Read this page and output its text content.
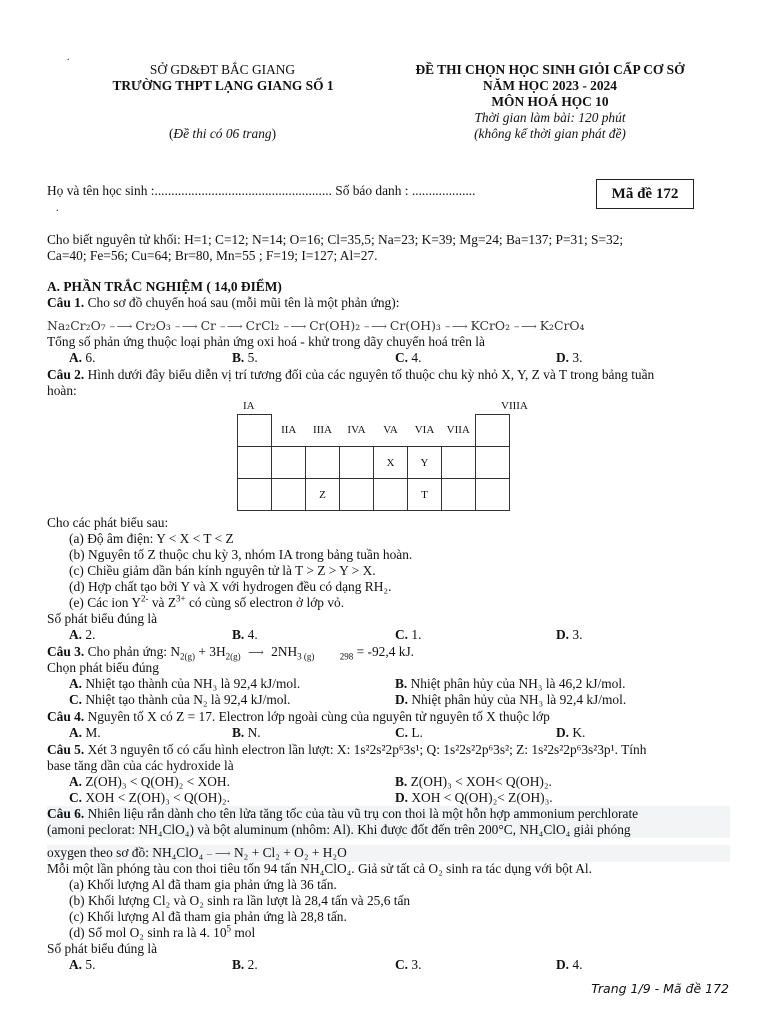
.
SỞ GD&ĐT BẮC GIANG
TRƯỜNG THPT LẠNG GIANG SỐ 1
(Đề thi có 06 trang)
ĐỀ THI CHỌN HỌC SINH GIỎI CẤP CƠ SỞ
NĂM HỌC 2023 - 2024
MÔN HOÁ HỌC 10
Thời gian làm bài: 120 phút
(không kể thời gian phát đề)
Họ và tên học sinh :..................................................... Số báo danh : ...................
.
Mã đề 172
Cho biết nguyên tử khối: H=1; C=12; N=14; O=16; Cl=35,5; Na=23; K=39; Mg=24; Ba=137; P=31; S=32;
Ca=40; Fe=56; Cu=64; Br=80, Mn=55 ; F=19; I=127; Al=27.
A. PHẦN TRẮC NGHIỆM ( 14,0 ĐIỂM)
Câu 1. Cho sơ đồ chuyển hoá sau (mỗi mũi tên là một phản ứng):
Na₂Cr₂O₇ – ⟶ Cr₂O₃ – ⟶ Cr – ⟶ CrCl₂ – ⟶ Cr(OH)₂ – ⟶ Cr(OH)₃ – ⟶ KCrO₂ – ⟶ K₂CrO₄
Tổng số phản ứng thuộc loại phản ứng oxi hoá - khử trong dãy chuyển hoá trên là
A. 6.	B. 5.	C. 4.	D. 3.
Câu 2. Hình dưới đây biểu diễn vị trí tương đối của các nguyên tố thuộc chu kỳ nhỏ X, Y, Z và T trong bảng tuần
hoàn:
IA	VIIIA
	IIA	IIIA	IVA	VA	VIA	VIIA	
				X	Y		
		Z			T		
Cho các phát biểu sau:
(a) Độ âm điện: Y < X < T < Z
(b) Nguyên tố Z thuộc chu kỳ 3, nhóm IA trong bảng tuần hoàn.
(c) Chiều giảm dần bán kính nguyên tử là T > Z > Y > X.
(d) Hợp chất tạo bởi Y và X với hydrogen đều có dạng RH₂.
(e) Các ion $Y^{2-}$ và $Z^{3+}$ có cùng số electron ở lớp vỏ.
Số phát biểu đúng là
A. 2.	B. 4.	C. 1.	D. 3.
Câu 3. Cho phản ứng: $N_{2(g)} + 3H_{2(g)}$ ⟶ $2NH_{3 (g)}$	$_{298}$ = -92,4 kJ.
Chọn phát biểu đúng
A. Nhiệt tạo thành của NH₃ là 92,4 kJ/mol.	B. Nhiệt phân hủy của NH₃ là 46,2 kJ/mol.
C. Nhiệt tạo thành của N₂ là 92,4 kJ/mol.	D. Nhiệt phân hủy của NH₃ là 92,4 kJ/mol.
Câu 4. Nguyên tố X có Z = 17. Electron lớp ngoài cùng của nguyên tử nguyên tố X thuộc lớp
A. M.	B. N.	C. L.	D. K.
Câu 5. Xét 3 nguyên tố có cấu hình electron lần lượt: X: 1s²2s²2p⁶3s¹; Q: 1s²2s²2p⁶3s²; Z: 1s²2s²2p⁶3s²3p¹. Tính
base tăng dần của các hydroxide là
A. Z(OH)₃ < Q(OH)₂ < XOH.	B. Z(OH)₃ < XOH< Q(OH)₂.
C. XOH < Z(OH)₃ < Q(OH)₂.	D. XOH < Q(OH)₂< Z(OH)₃.
Câu 6. Nhiên liệu rắn dành cho tên lửa tăng tốc của tàu vũ trụ con thoi là một hỗn hợp ammonium perchlorate
(amoni peclorat: NH₄ClO₄) và bột aluminum (nhôm: Al). Khi được đốt đến trên 200°C, NH₄ClO₄ giải phóng
oxygen theo sơ đồ: NH₄ClO₄ – ⟶ N₂ + Cl₂ + O₂ + H₂O
Mỗi một lần phóng tàu con thoi tiêu tốn 94 tấn NH₄ClO₄. Giả sử tất cả O₂ sinh ra tác dụng với bột Al.
(a) Khối lượng Al đã tham gia phản ứng là 36 tấn.
(b) Khối lượng Cl₂ và O₂ sinh ra lần lượt là 28,4 tấn và 25,6 tấn
(c) Khối lượng Al đã tham gia phản ứng là 28,8 tấn.
(d) Số mol O₂ sinh ra là 4. $10^5$ mol
Số phát biểu đúng là
A. 5.	B. 2.	C. 3.	D. 4.
Trang 1/9 - Mã đề 172
